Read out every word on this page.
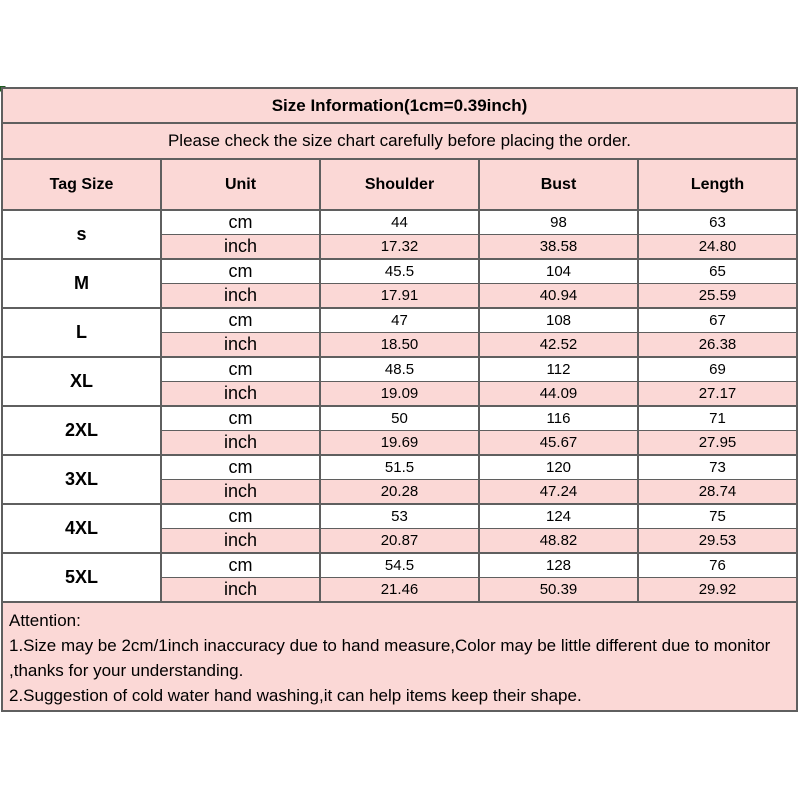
Size Information(1cm=0.39inch)				
Please check the size chart carefully before placing the order.				
Tag Size	Unit	Shoulder	Bust	Length
s	cm	44	98	63
	inch	17.32	38.58	24.80
M	cm	45.5	104	65
	inch	17.91	40.94	25.59
L	cm	47	108	67
	inch	18.50	42.52	26.38
XL	cm	48.5	112	69
	inch	19.09	44.09	27.17
2XL	cm	50	116	71
	inch	19.69	45.67	27.95
3XL	cm	51.5	120	73
	inch	20.28	47.24	28.74
4XL	cm	53	124	75
	inch	20.87	48.82	29.53
5XL	cm	54.5	128	76
	inch	21.46	50.39	29.92

Attention:
1.Size may be 2cm/1inch inaccuracy due to hand measure,Color may be little different due to monitor
,thanks for your understanding.
2.Suggestion of cold water hand washing,it can help items keep their shape.				
